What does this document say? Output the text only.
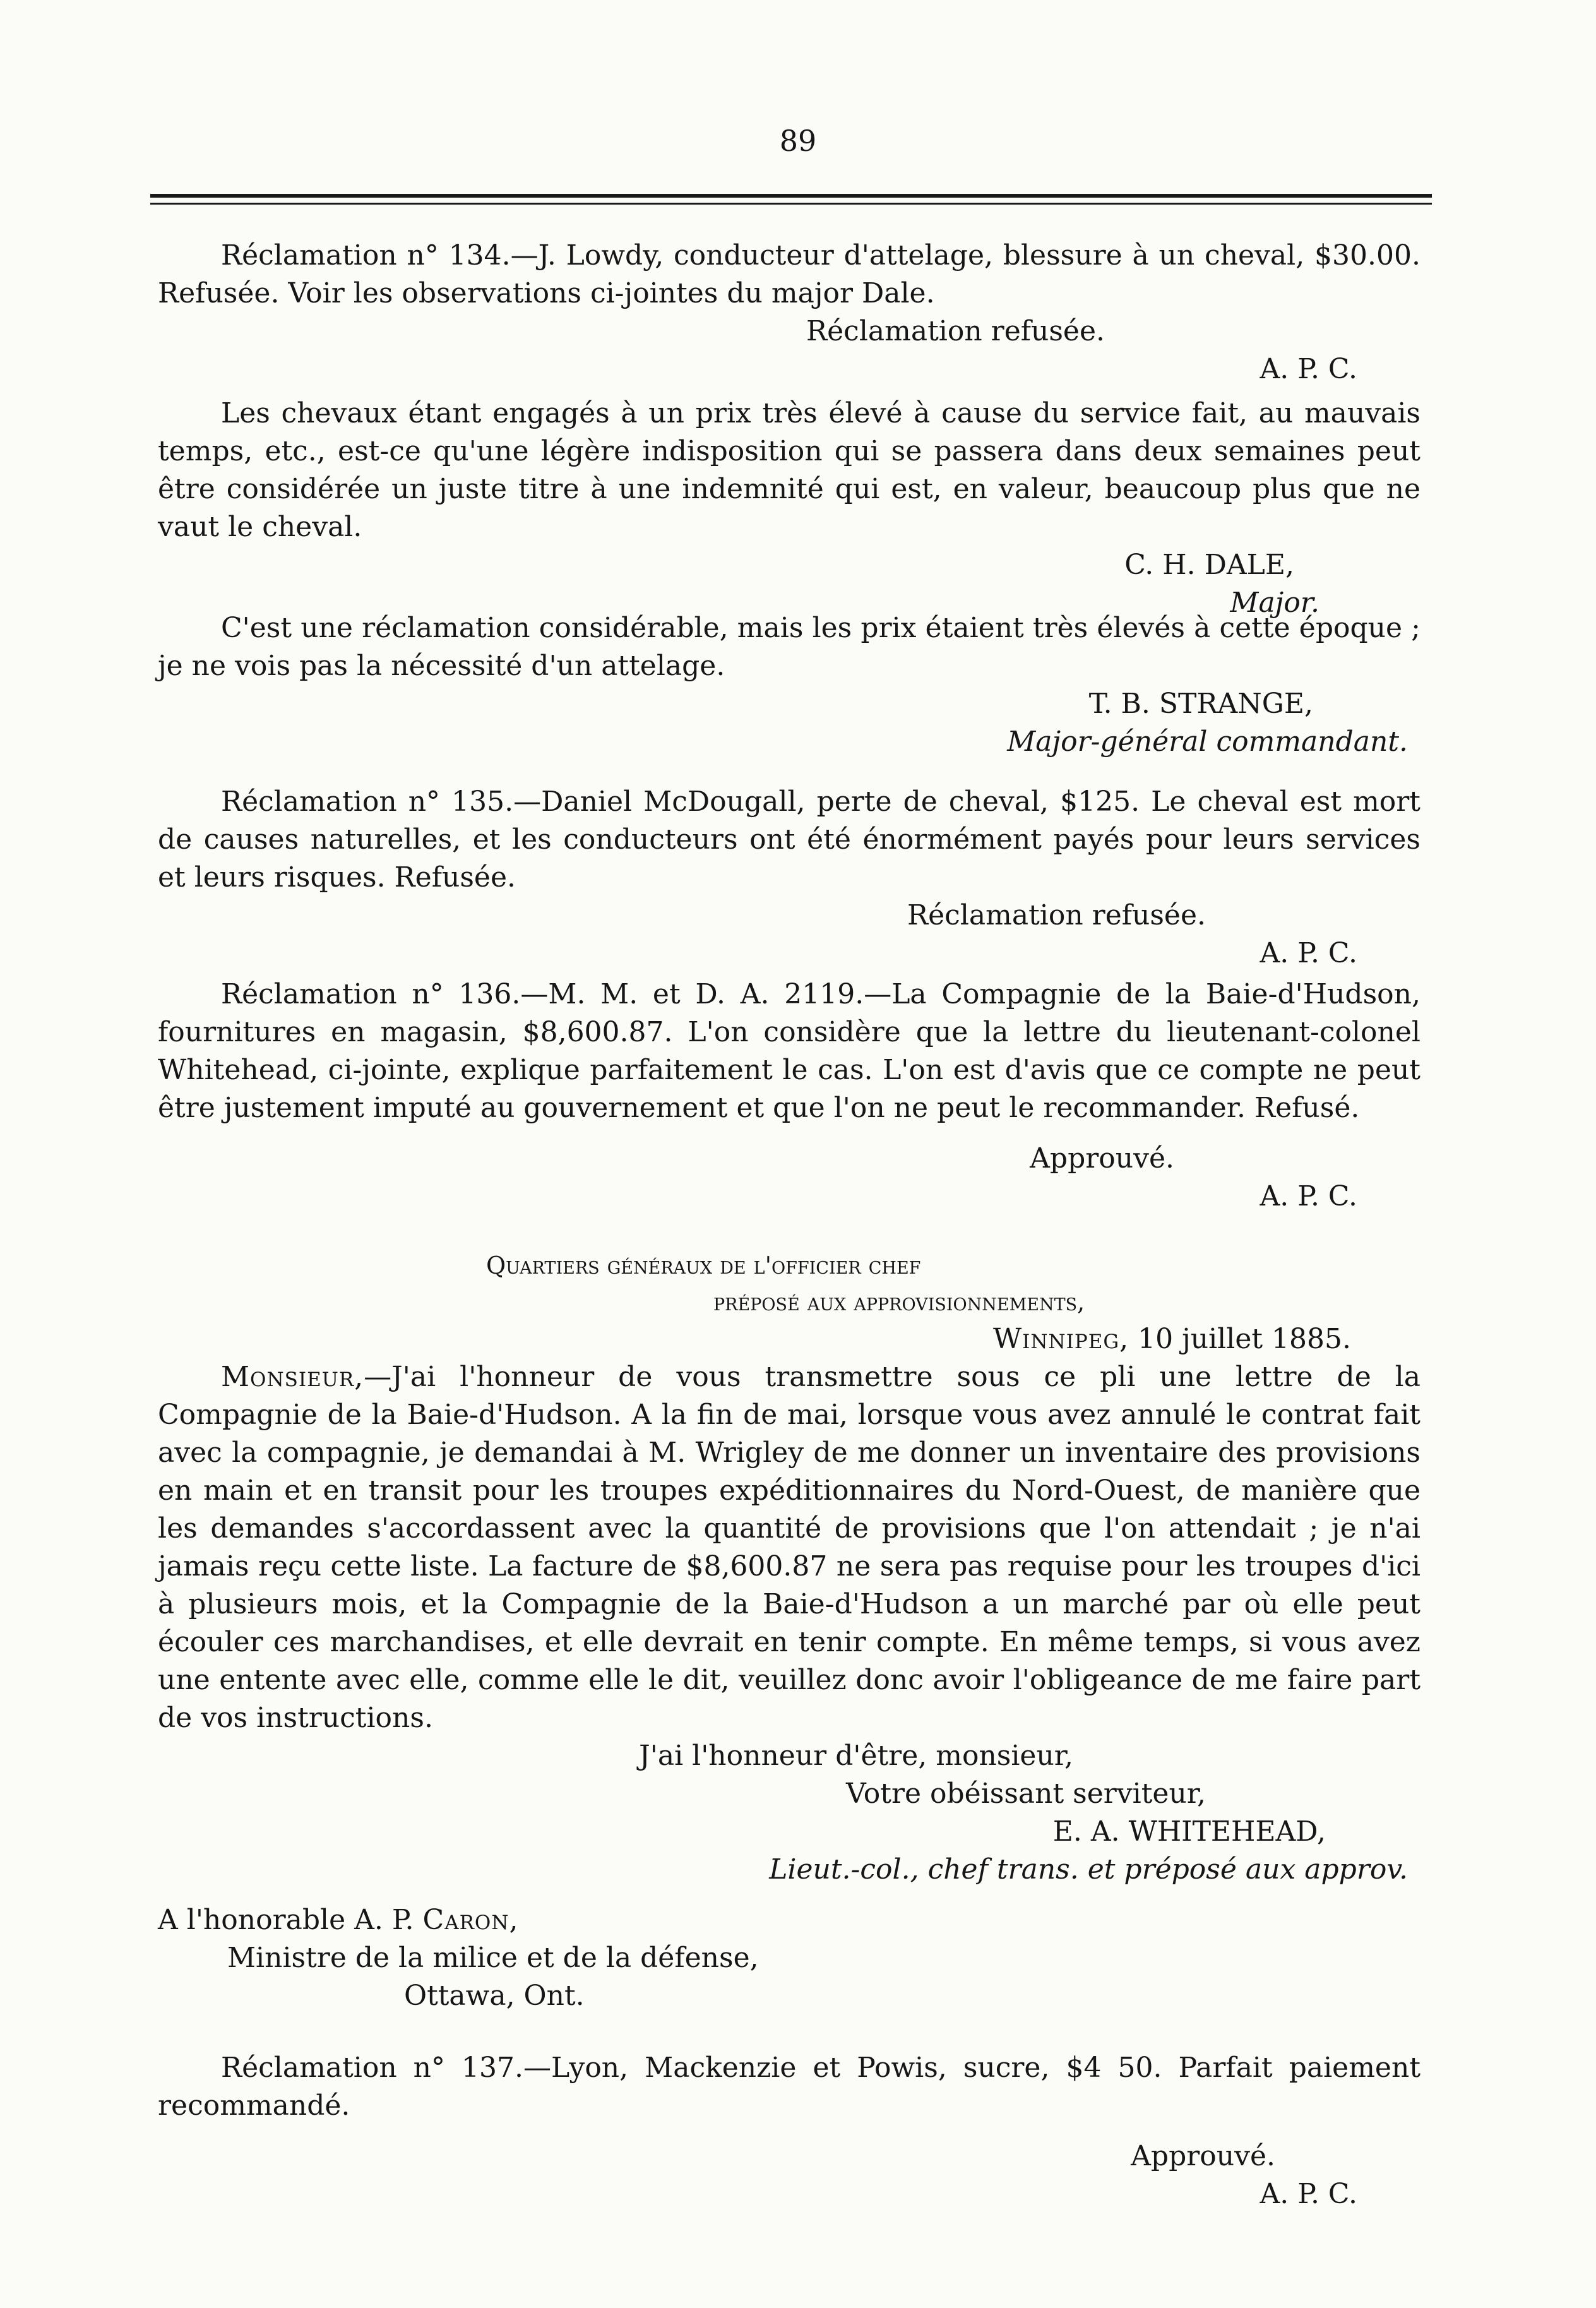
89

Réclamation n° 134.—J. Lowdy, conducteur d'attelage, blessure à un cheval, $30.00. Refusée. Voir les observations ci-jointes du major Dale.

Réclamation refusée.

A. P. C.

Les chevaux étant engagés à un prix très élevé à cause du service fait, au mauvais temps, etc., est-ce qu'une légère indisposition qui se passera dans deux semaines peut être considérée un juste titre à une indemnité qui est, en valeur, beaucoup plus que ne vaut le cheval.

C. H. DALE,

Major.

C'est une réclamation considérable, mais les prix étaient très élevés à cette époque ; je ne vois pas la nécessité d'un attelage.

T. B. STRANGE,

Major-général commandant.

Réclamation n° 135.—Daniel McDougall, perte de cheval, $125. Le cheval est mort de causes naturelles, et les conducteurs ont été énormément payés pour leurs services et leurs risques. Refusée.

Réclamation refusée.

A. P. C.

Réclamation n° 136.—M. M. et D. A. 2119.—La Compagnie de la Baie-d'Hudson, fournitures en magasin, $8,600.87. L'on considère que la lettre du lieutenant-colonel Whitehead, ci-jointe, explique parfaitement le cas. L'on est d'avis que ce compte ne peut être justement imputé au gouvernement et que l'on ne peut le recommander. Refusé.

Approuvé.

A. P. C.

Quartiers généraux de l'officier chef

préposé aux approvisionnements,

Winnipeg, 10 juillet 1885.

Monsieur,—J'ai l'honneur de vous transmettre sous ce pli une lettre de la Compagnie de la Baie-d'Hudson. A la fin de mai, lorsque vous avez annulé le contrat fait avec la compagnie, je demandai à M. Wrigley de me donner un inventaire des provisions en main et en transit pour les troupes expéditionnaires du Nord-Ouest, de manière que les demandes s'accordassent avec la quantité de provisions que l'on attendait ; je n'ai jamais reçu cette liste. La facture de $8,600.87 ne sera pas requise pour les troupes d'ici à plusieurs mois, et la Compagnie de la Baie-d'Hudson a un marché par où elle peut écouler ces marchandises, et elle devrait en tenir compte. En même temps, si vous avez une entente avec elle, comme elle le dit, veuillez donc avoir l'obligeance de me faire part de vos instructions.

J'ai l'honneur d'être, monsieur,

Votre obéissant serviteur,

E. A. WHITEHEAD,

Lieut.-col., chef trans. et préposé aux approv.

A l'honorable A. P. Caron,

Ministre de la milice et de la défense,

Ottawa, Ont.

Réclamation n° 137.—Lyon, Mackenzie et Powis, sucre, $4 50. Parfait paiement recommandé.

Approuvé.

A. P. C.
